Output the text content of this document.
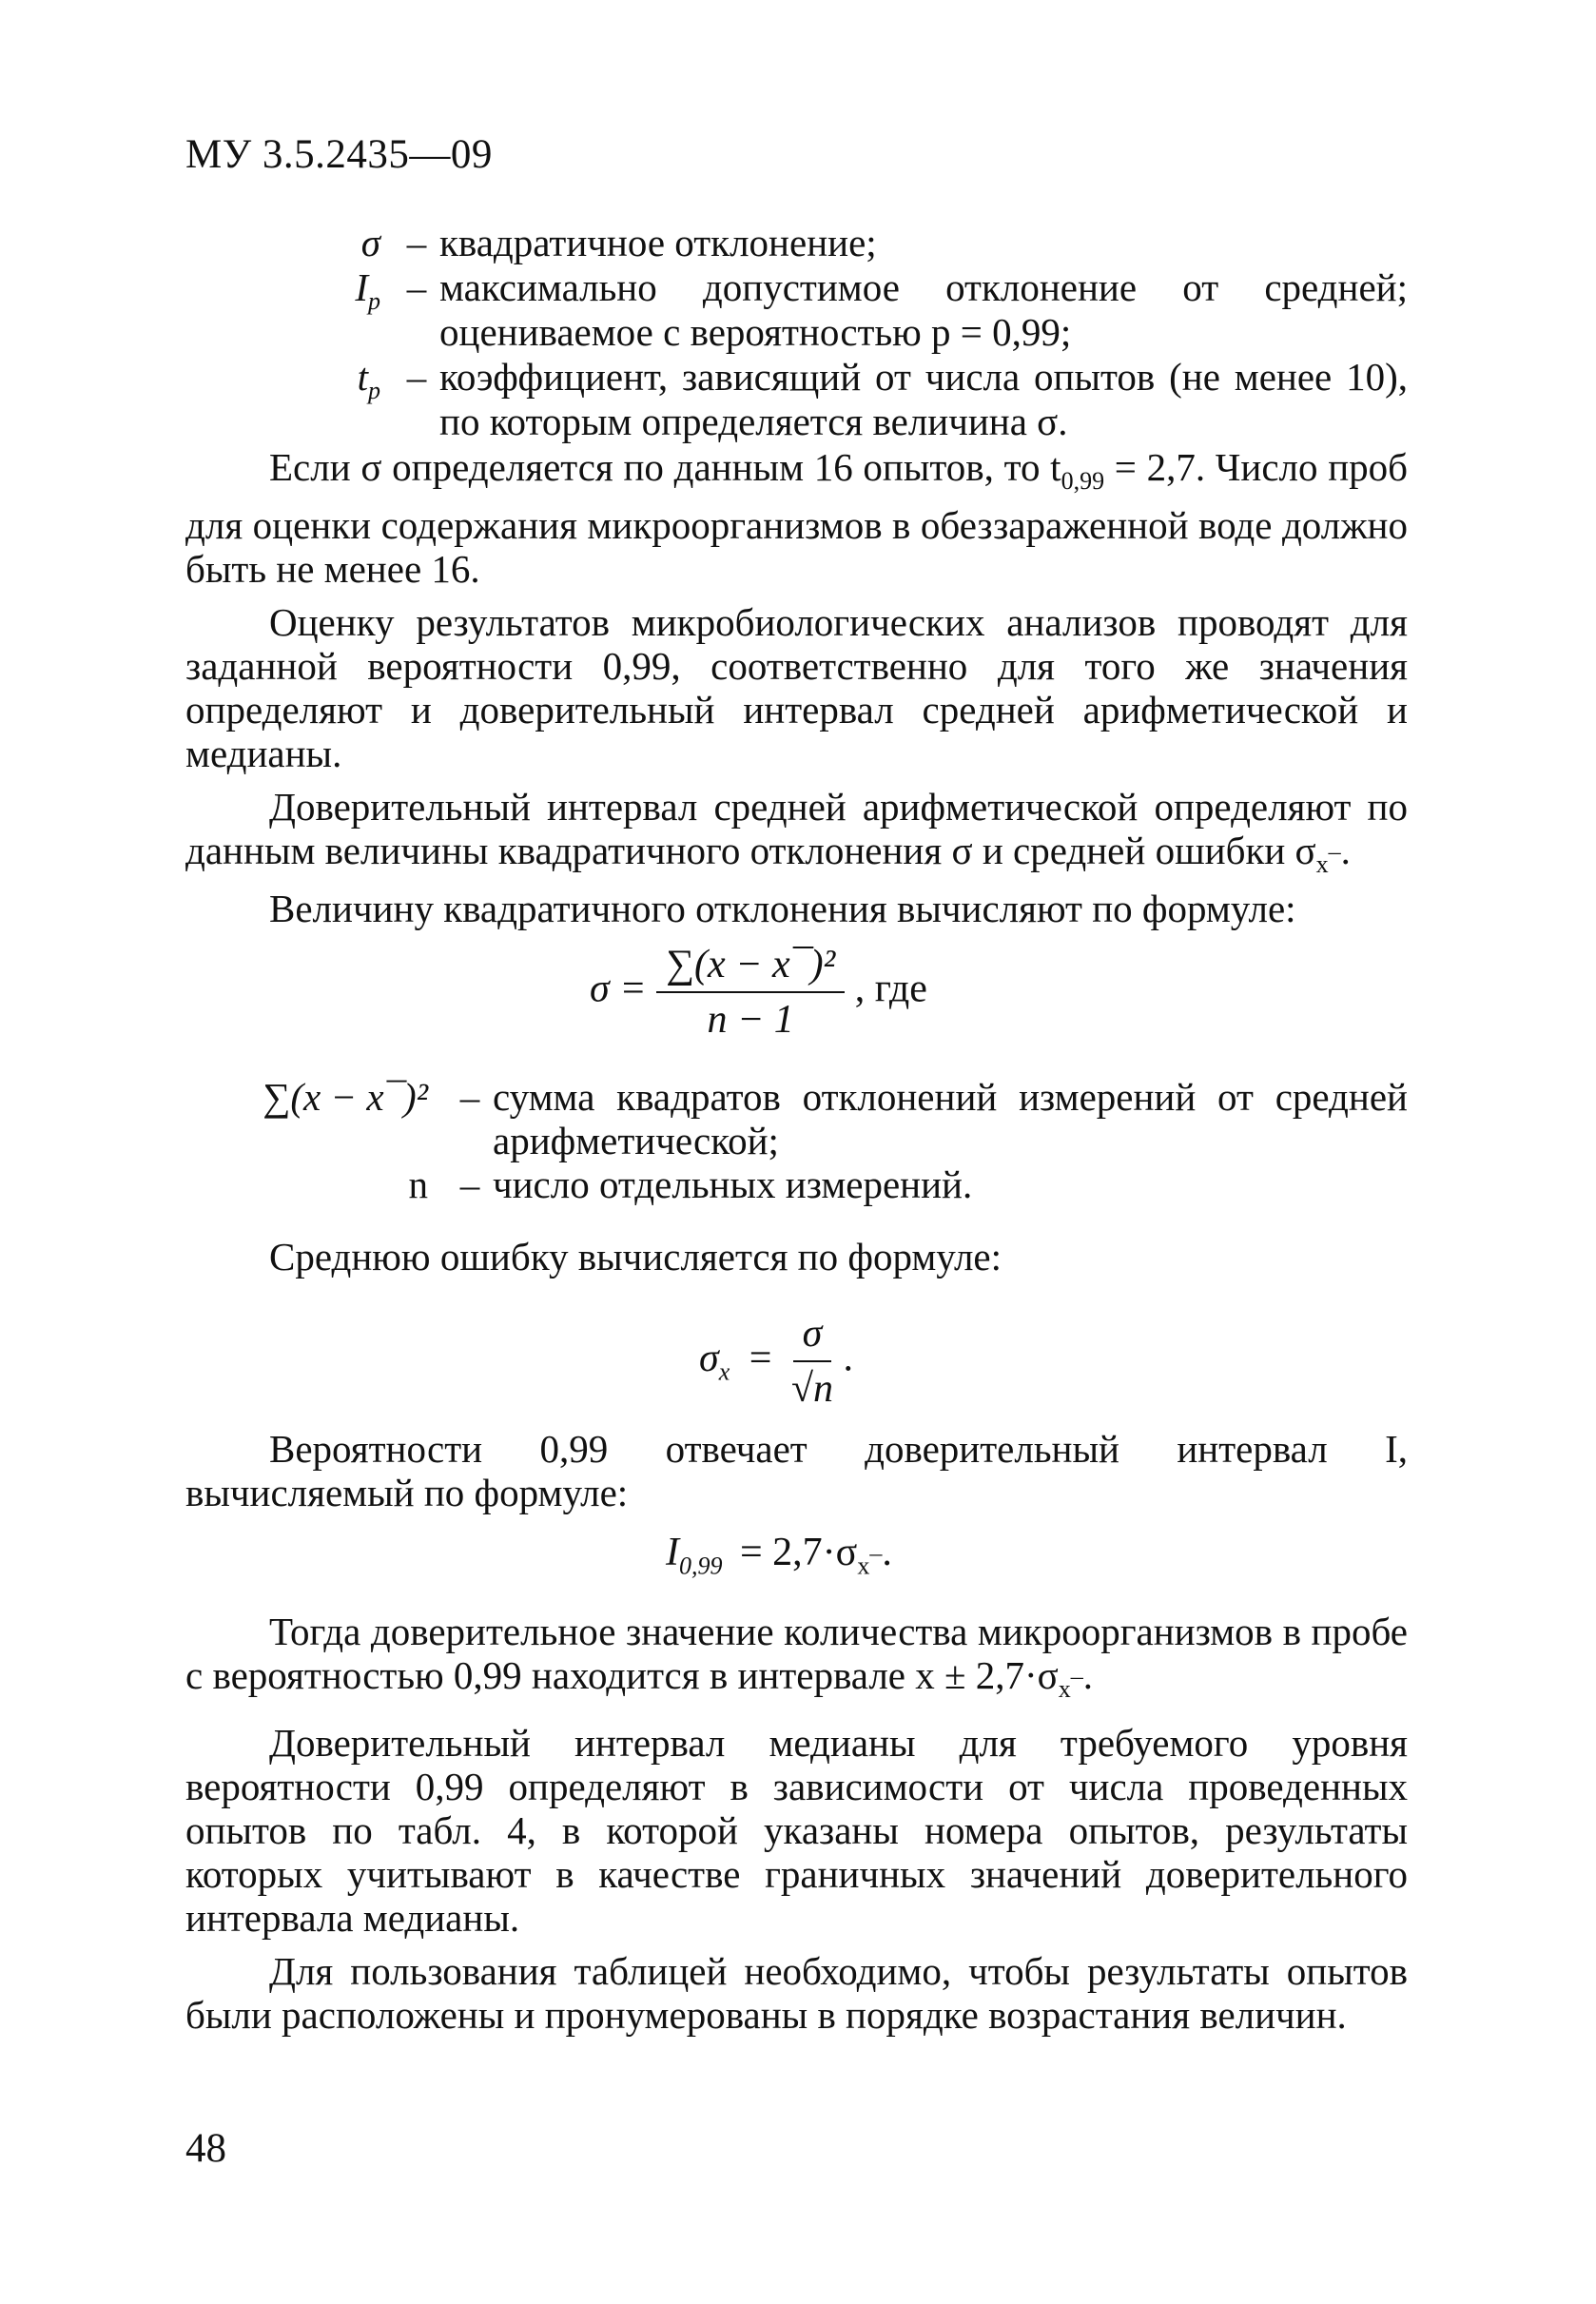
МУ 3.5.2435—09
σ – квадратичное отклонение;
$I_p$ – максимально допустимое отклонение от средней; оцениваемое с вероятностью p = 0,99;
$t_p$ – коэффициент, зависящий от числа опытов (не менее 10), по которым определяется величина σ.

Если σ определяется по данным 16 опытов, то $t_{0,99} = 2,7$. Число проб для оценки содержания микроорганизмов в обеззараженной воде должно быть не менее 16.

Оценку результатов микробиологических анализов проводят для заданной вероятности 0,99, соответственно для того же значения определяют и доверительный интервал средней арифметической и медианы.

Доверительный интервал средней арифметической определяют по данным величины квадратичного отклонения σ и средней ошибки $\sigma_{x¯}$.

Величину квадратичного отклонения вычисляют по формуле:

$\sigma = \frac{\text{∑(x − x¯)²}}{n - 1}$ , где
∑(x − x¯)² – сумма квадратов отклонений измерений от средней арифметической;
n – число отдельных измерений.

Среднюю ошибку вычисляется по формуле:

$\sigma_x = \frac{\sigma}{√n}$ .

Вероятности 0,99 отвечает доверительный интервал I, вычисляемый по формуле:

$I_{0,99} = 2,7\cdot\sigma_{x¯}$.

Тогда доверительное значение количества микроорганизмов в пробе с вероятностью 0,99 находится в интервале $x \pm 2,7\cdot\sigma_{x¯}$.

Доверительный интервал медианы для требуемого уровня вероятности 0,99 определяют в зависимости от числа проведенных опытов по табл. 4, в которой указаны номера опытов, результаты которых учитывают в качестве граничных значений доверительного интервала медианы.

Для пользования таблицей необходимо, чтобы результаты опытов были расположены и пронумерованы в порядке возрастания величин.

48
